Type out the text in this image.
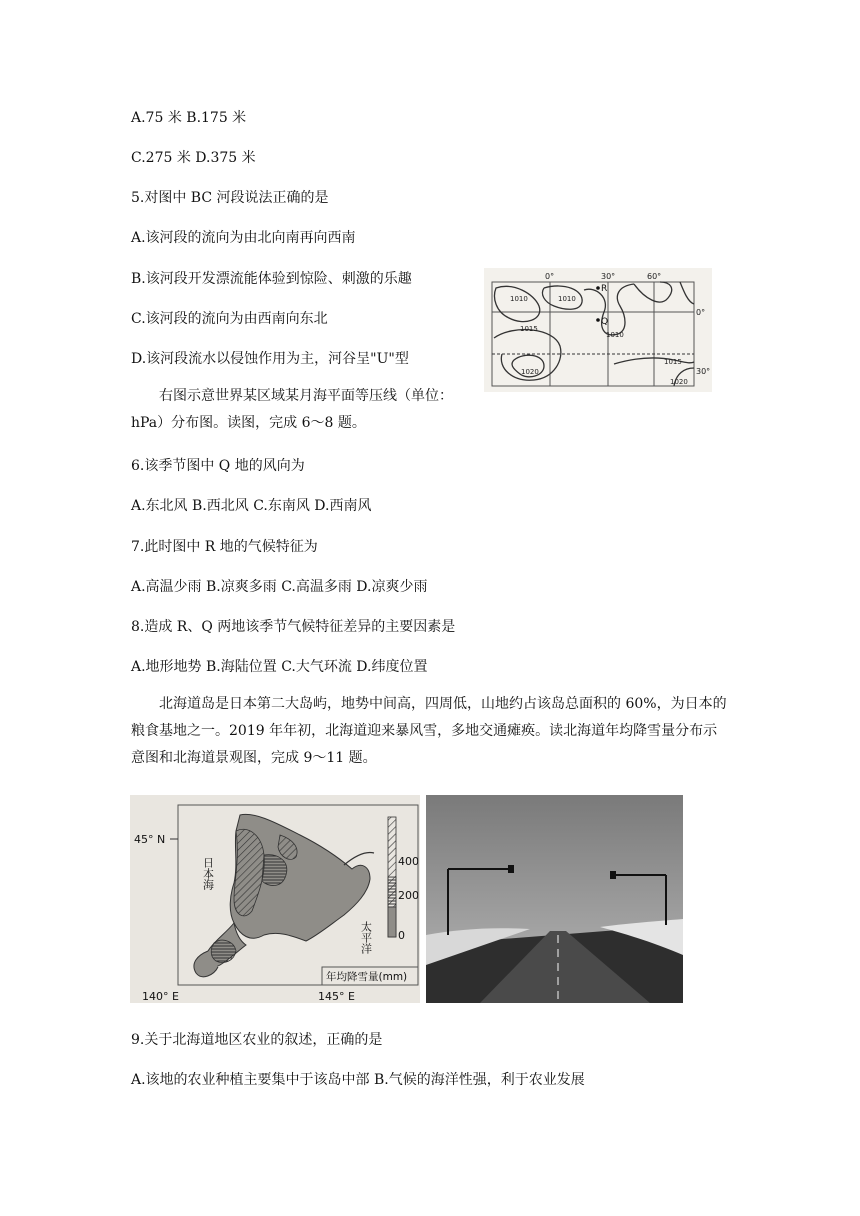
A.75 米 B.175 米
C.275 米 D.375 米
5.对图中 BC 河段说法正确的是
A.该河段的流向为由北向南再向西南
B.该河段开发漂流能体验到惊险、刺激的乐趣
C.该河段的流向为由西南向东北
D.该河段流水以侵蚀作用为主，河谷呈"U"型
右图示意世界某区域某月海平面等压线（单位：hPa）分布图。读图，完成 6～8 题。
6.该季节图中 Q 地的风向为
A.东北风 B.西北风 C.东南风 D.西南风
7.此时图中 R 地的气候特征为
A.高温少雨 B.凉爽多雨 C.高温多雨 D.凉爽少雨
8.造成 R、Q 两地该季节气候特征差异的主要因素是
A.地形地势 B.海陆位置 C.大气环流 D.纬度位置
北海道岛是日本第二大岛屿，地势中间高，四周低，山地约占该岛总面积的 60%，为日本的粮食基地之一。2019 年年初，北海道迎来暴风雪，多地交通瘫痪。读北海道年均降雪量分布示意图和北海道景观图，完成 9～11 题。
9.关于北海道地区农业的叙述，正确的是
A.该地的农业种植主要集中于该岛中部 B.气候的海洋性强，利于农业发展
0°	30°	60°
0°
30°
1010	1010
1015
1010
1015
1020
1020
R
Q
45° N
日本海
太平洋
140° E	145° E
400
200
0
年均降雪量(mm)
